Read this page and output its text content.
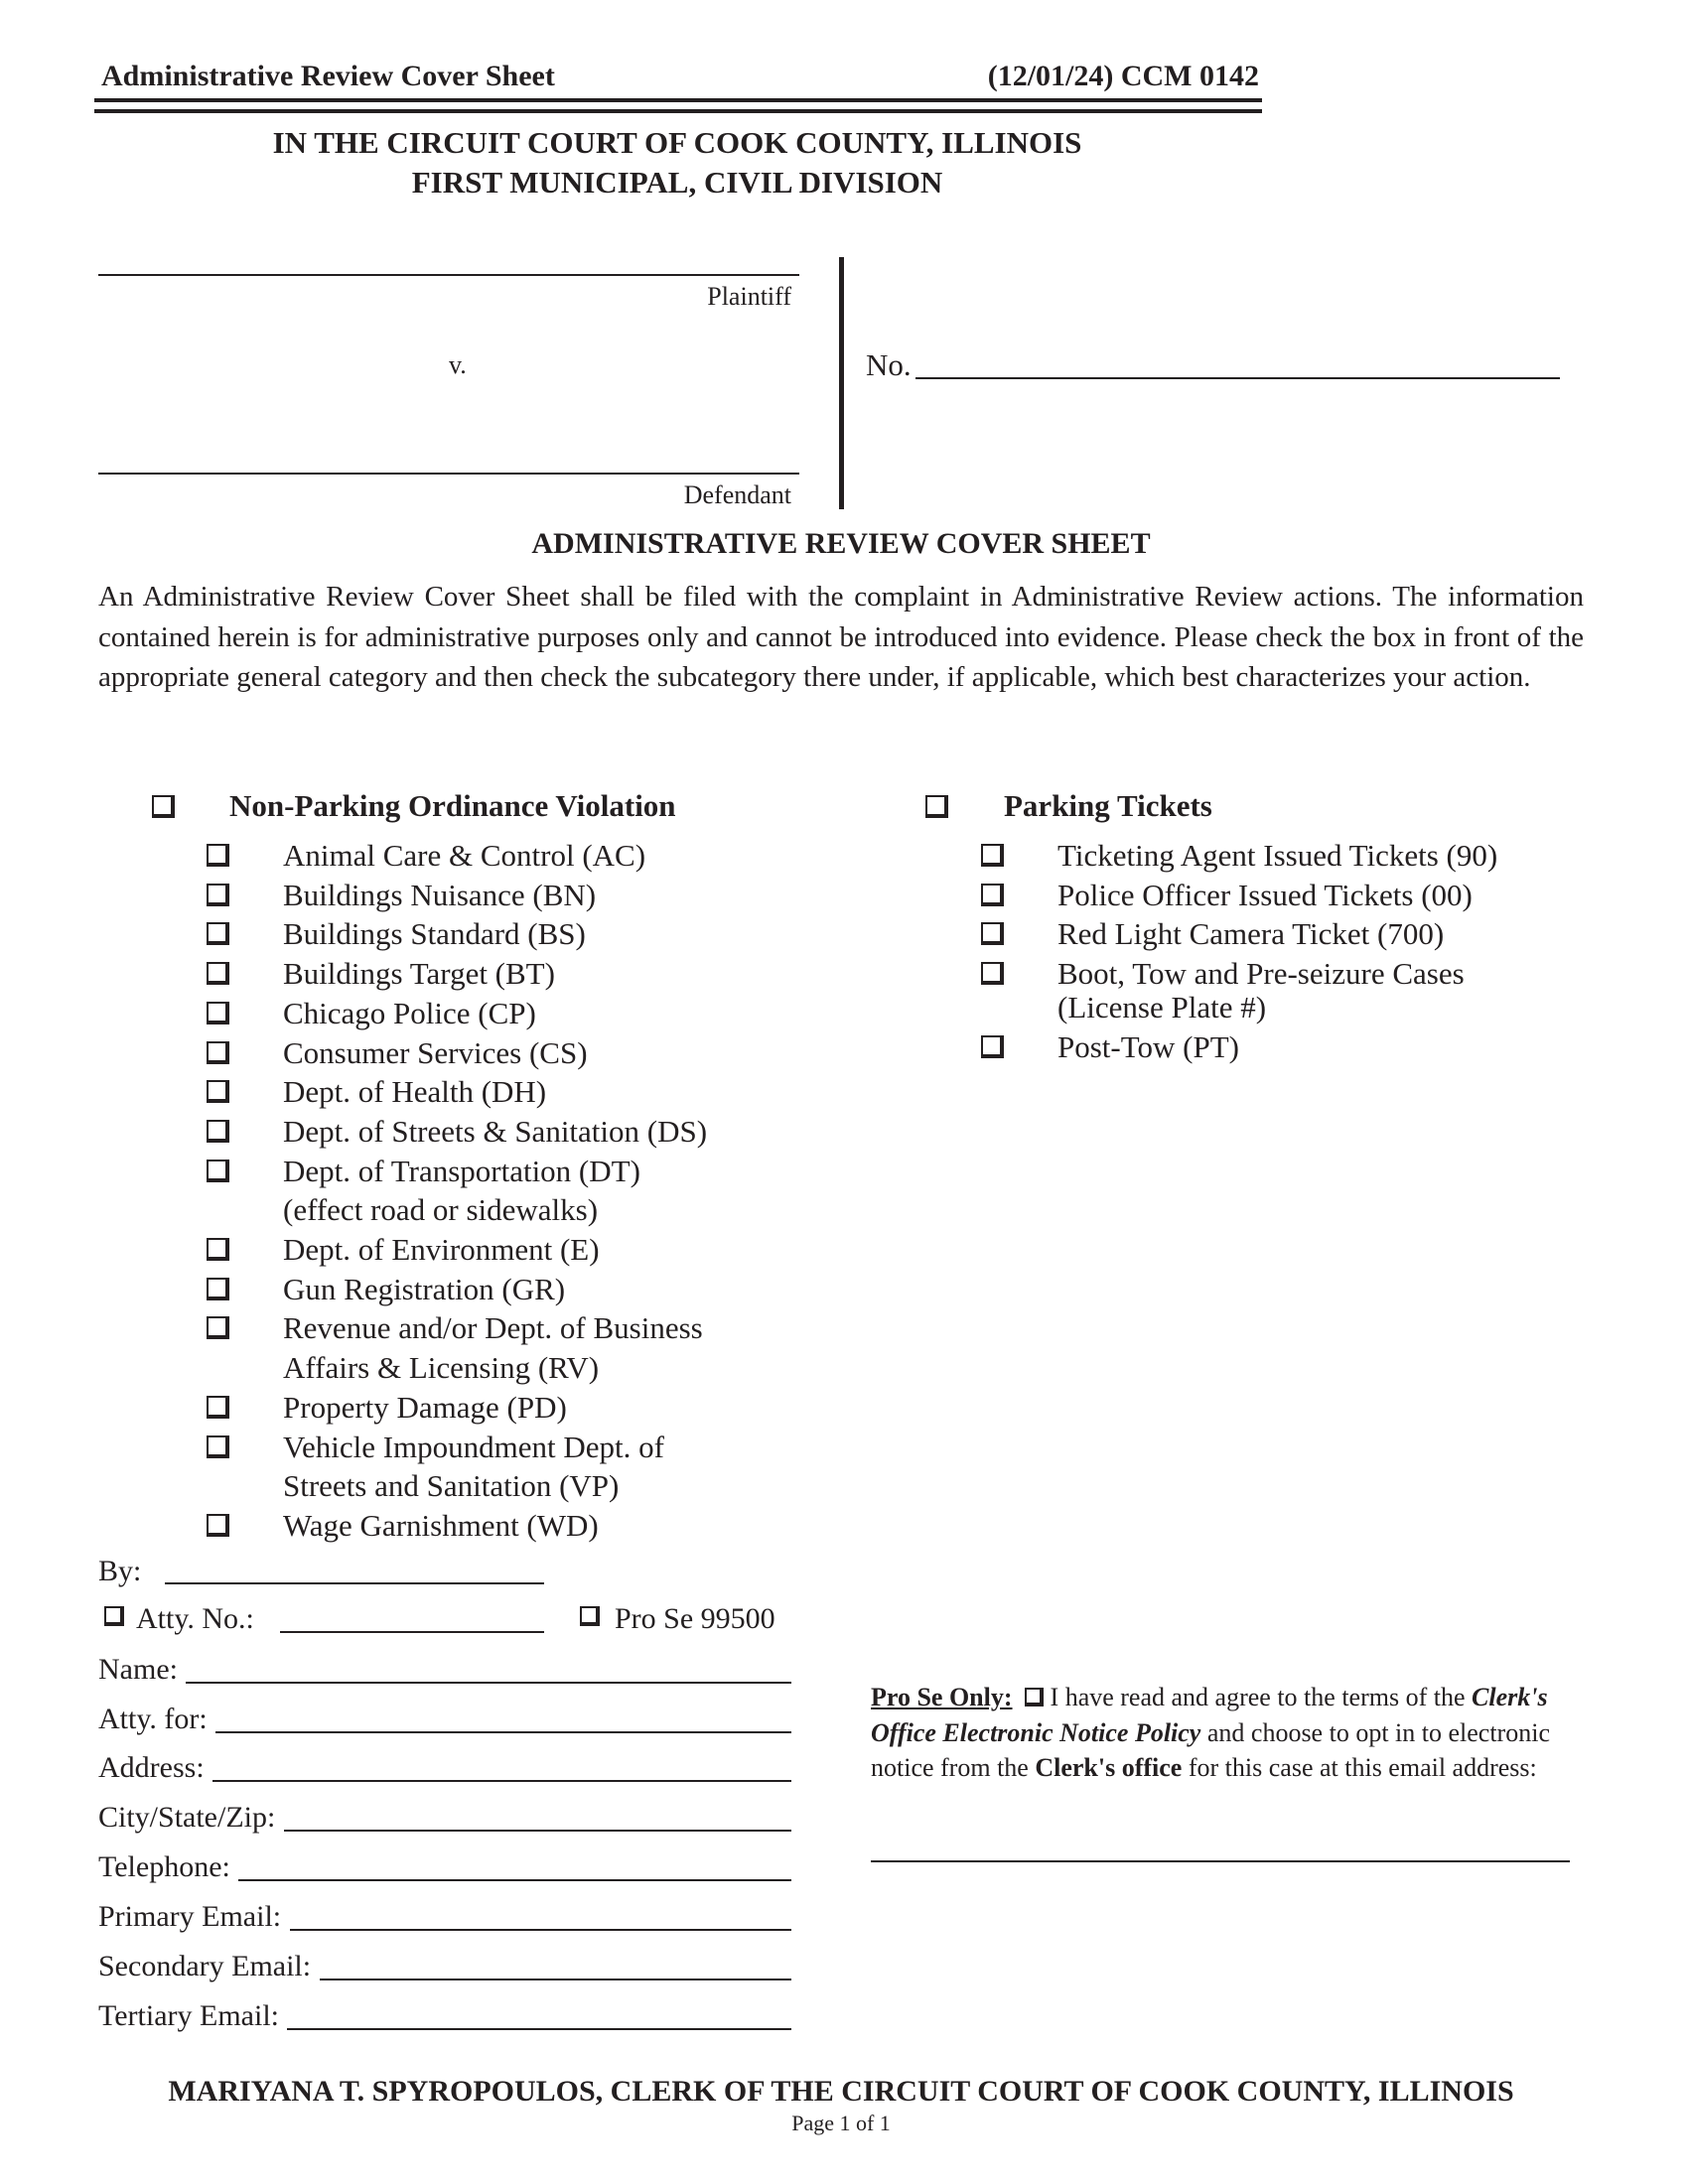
Administrative Review Cover Sheet	(12/01/24) CCM 0142
IN THE CIRCUIT COURT OF COOK COUNTY, ILLINOIS
FIRST MUNICIPAL, CIVIL DIVISION
Plaintiff
v.
Defendant
No.
ADMINISTRATIVE REVIEW COVER SHEET
An Administrative Review Cover Sheet shall be filed with the complaint in Administrative Review actions. The information contained herein is for administrative purposes only and cannot be introduced into evidence. Please check the box in front of the appropriate general category and then check the subcategory there under, if applicable, which best characterizes your action.
Non-Parking Ordinance Violation
Animal Care & Control (AC)
Buildings Nuisance (BN)
Buildings Standard (BS)
Buildings Target (BT)
Chicago Police (CP)
Consumer Services (CS)
Dept. of Health (DH)
Dept. of Streets & Sanitation (DS)
Dept. of Transportation (DT)
(effect road or sidewalks)
Dept. of Environment (E)
Gun Registration (GR)
Revenue and/or Dept. of Business
Affairs & Licensing (RV)
Property Damage (PD)
Vehicle Impoundment Dept. of
Streets and Sanitation (VP)
Wage Garnishment (WD)
Parking Tickets
Ticketing Agent Issued Tickets (90)
Police Officer Issued Tickets (00)
Red Light Camera Ticket (700)
Boot, Tow and Pre-seizure Cases
(License Plate #)
Post-Tow (PT)
By:
Atty. No.:	Pro Se 99500
Pro Se Only:  I have read and agree to the terms of the Clerk's Office Electronic Notice Policy and choose to opt in to electronic notice from the Clerk's office for this case at this email address:
MARIYANA T. SPYROPOULOS, CLERK OF THE CIRCUIT COURT OF COOK COUNTY, ILLINOIS
Page 1 of 1
Name:
Atty. for:
Address:
City/State/Zip:
Telephone:
Primary Email:
Secondary Email:
Tertiary Email:
